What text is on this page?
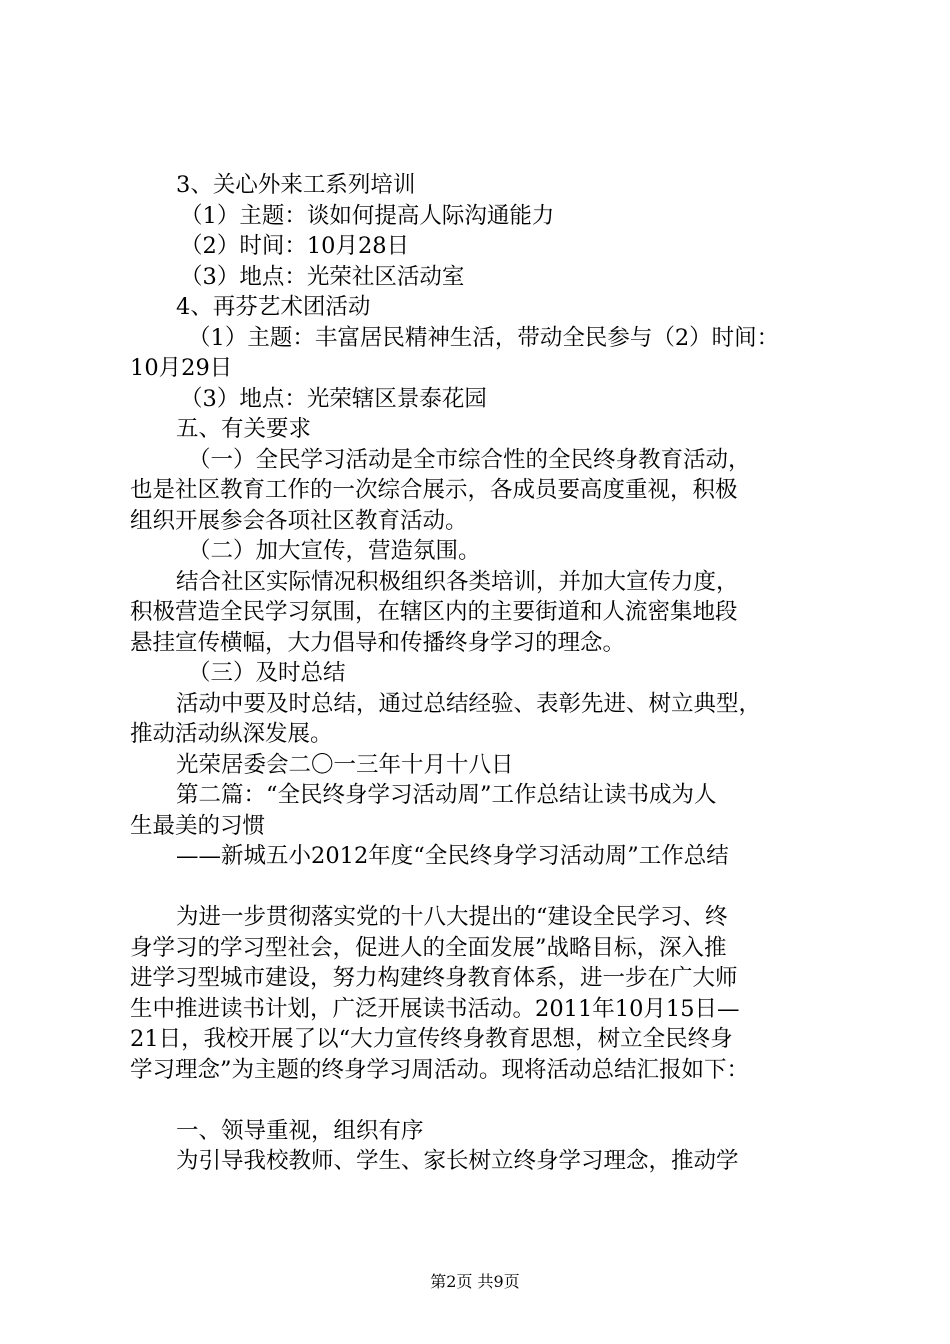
3、关心外来工系列培训
（1）主题：谈如何提高人际沟通能力
（2）时间：10月28日
（3）地点：光荣社区活动室
4、再芬艺术团活动
（1）主题：丰富居民精神生活，带动全民参与（2）时间：
10月29日
（3）地点：光荣辖区景泰花园
五、有关要求
（一）全民学习活动是全市综合性的全民终身教育活动，
也是社区教育工作的一次综合展示，各成员要高度重视，积极
组织开展参会各项社区教育活动。
（二）加大宣传，营造氛围。
结合社区实际情况积极组织各类培训，并加大宣传力度，
积极营造全民学习氛围，在辖区内的主要街道和人流密集地段
悬挂宣传横幅，大力倡导和传播终身学习的理念。
（三）及时总结
活动中要及时总结，通过总结经验、表彰先进、树立典型，
推动活动纵深发展。
光荣居委会二〇一三年十月十八日
第二篇：“全民终身学习活动周”工作总结让读书成为人
生最美的习惯
——新城五小2012年度“全民终身学习活动周”工作总结
为进一步贯彻落实党的十八大提出的“建设全民学习、终
身学习的学习型社会，促进人的全面发展”战略目标，深入推
进学习型城市建设，努力构建终身教育体系，进一步在广大师
生中推进读书计划，广泛开展读书活动。2011年10月15日—
21日，我校开展了以“大力宣传终身教育思想，树立全民终身
学习理念”为主题的终身学习周活动。现将活动总结汇报如下：
一、领导重视，组织有序
为引导我校教师、学生、家长树立终身学习理念，推动学
第2页 共9页
